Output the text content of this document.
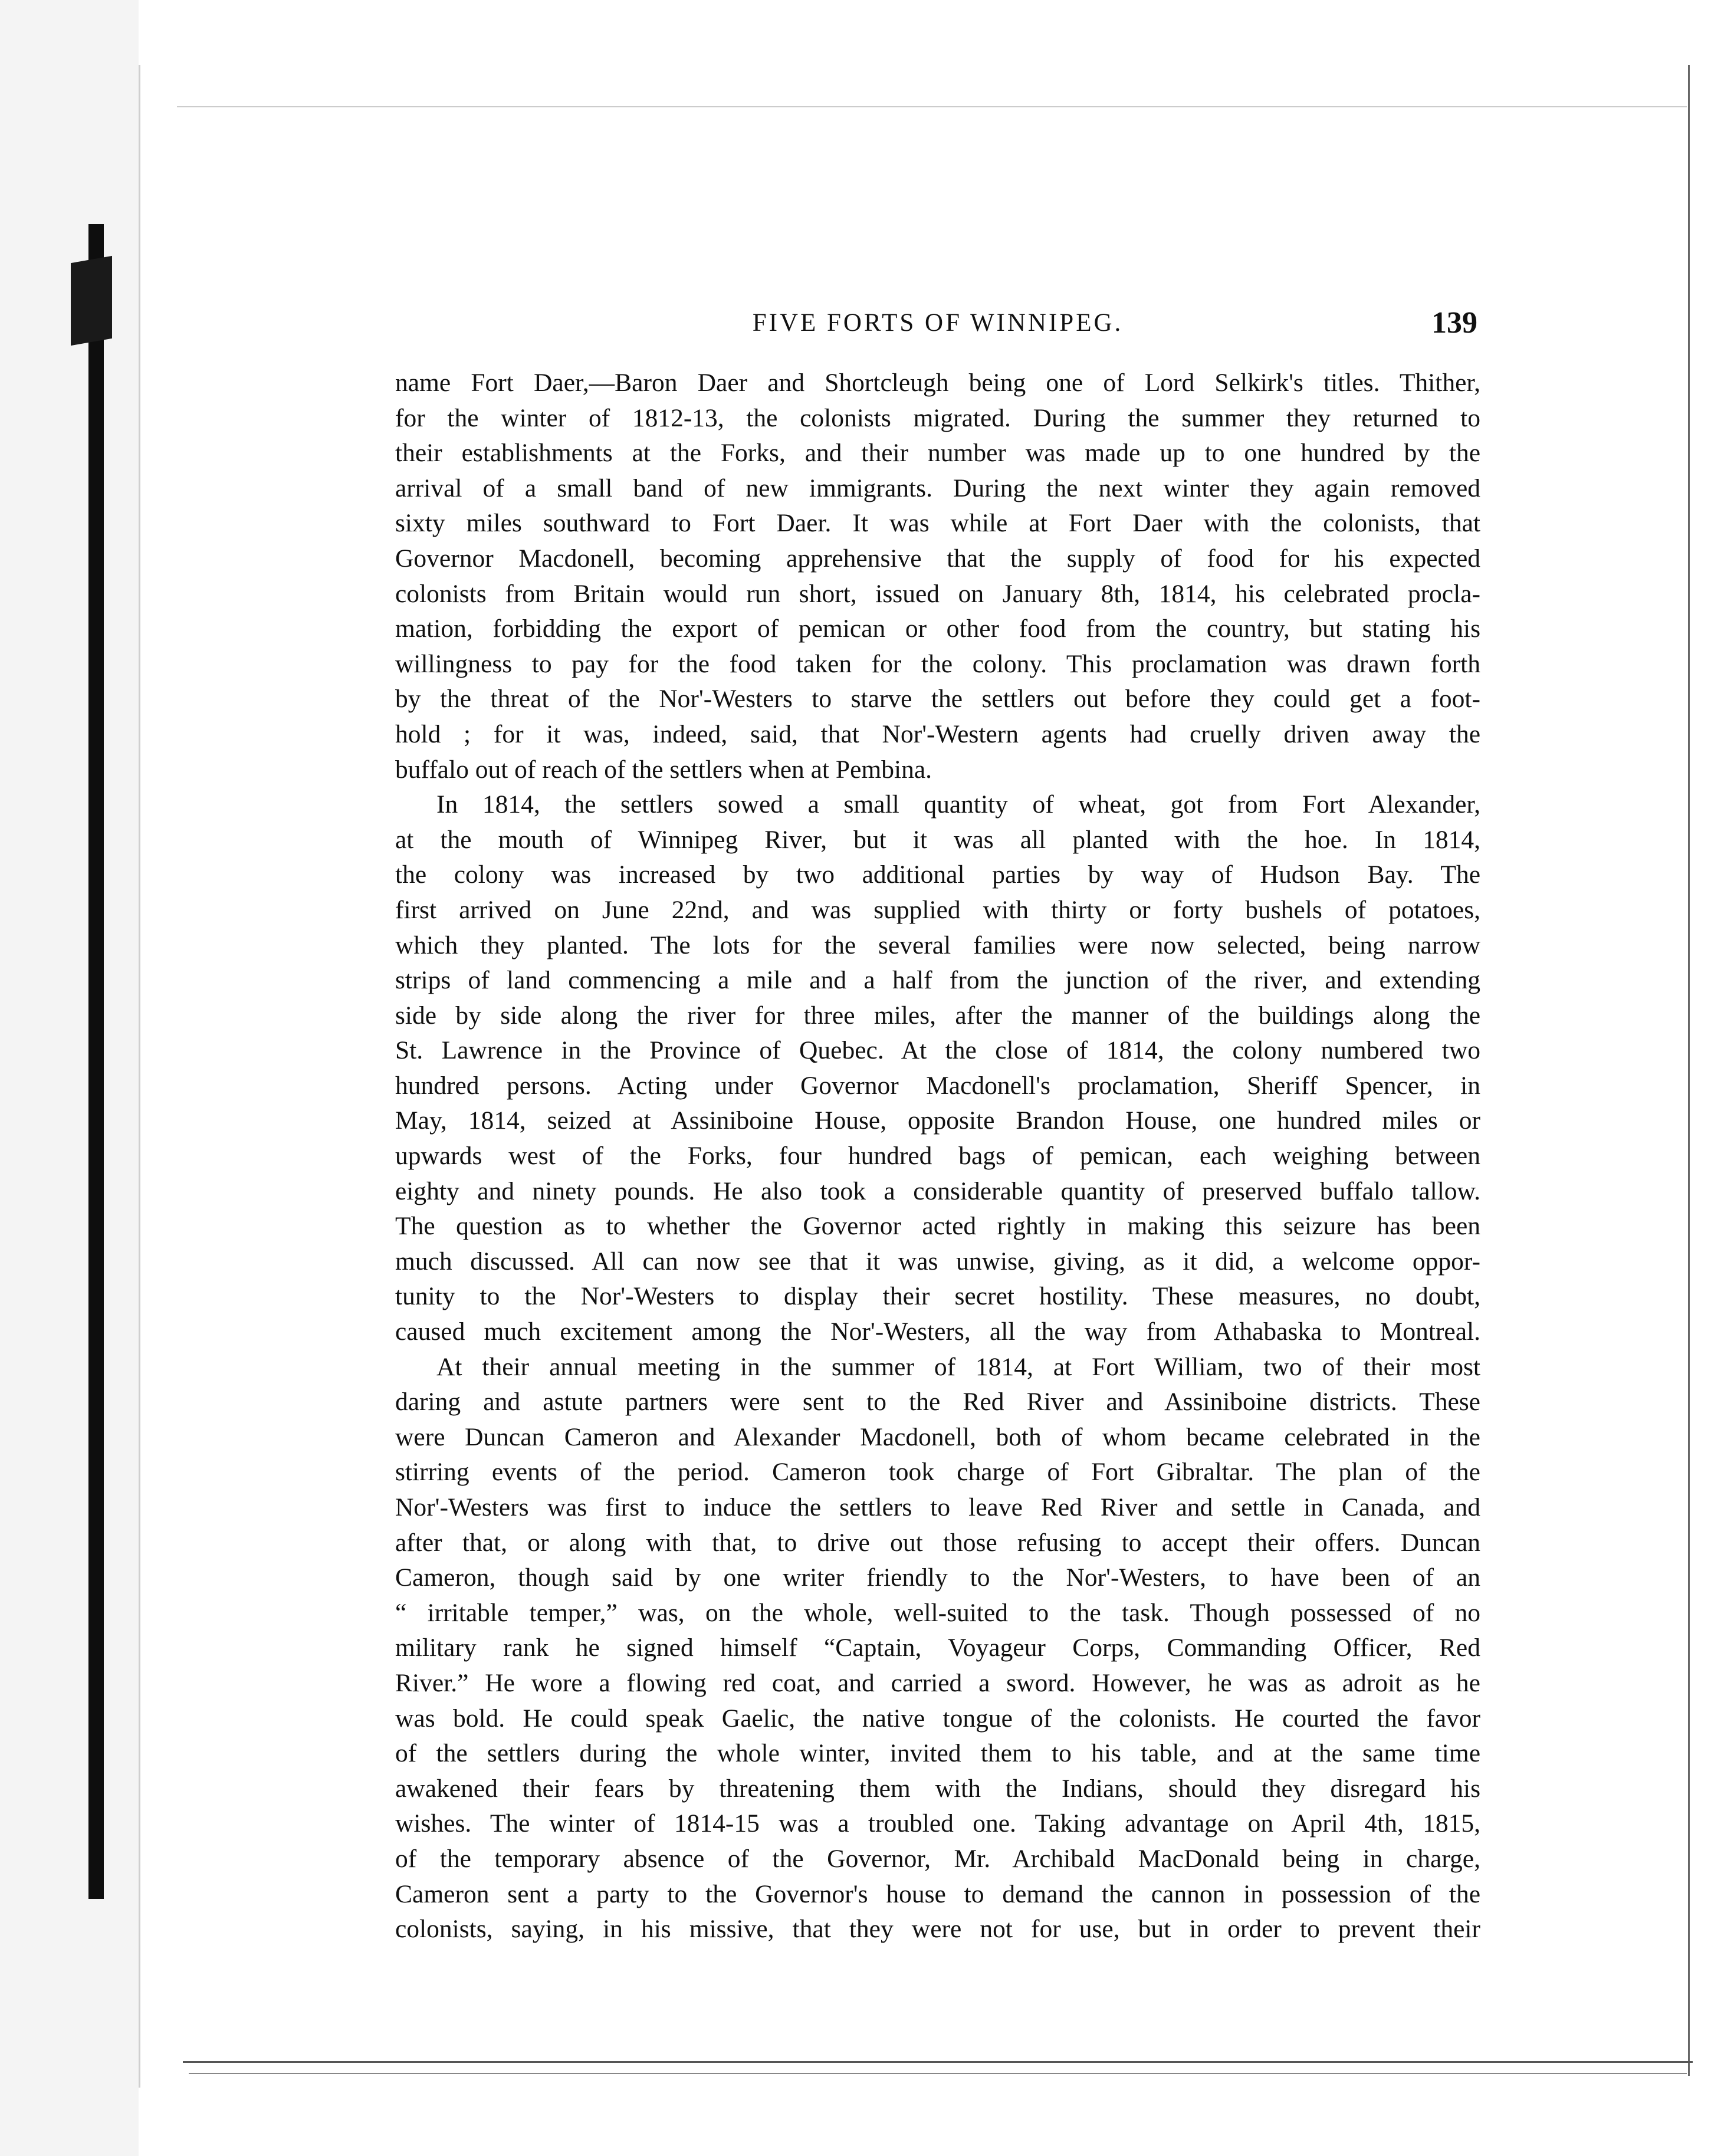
FIVE FORTS OF WINNIPEG.	139
name Fort Daer,—Baron Daer and Shortcleugh being one of Lord Selkirk's titles. Thither,
for the winter of 1812-13, the colonists migrated. During the summer they returned to
their establishments at the Forks, and their number was made up to one hundred by the
arrival of a small band of new immigrants. During the next winter they again removed
sixty miles southward to Fort Daer. It was while at Fort Daer with the colonists, that
Governor Macdonell, becoming apprehensive that the supply of food for his expected
colonists from Britain would run short, issued on January 8th, 1814, his celebrated procla-
mation, forbidding the export of pemican or other food from the country, but stating his
willingness to pay for the food taken for the colony. This proclamation was drawn forth
by the threat of the Nor'-Westers to starve the settlers out before they could get a foot-
hold ; for it was, indeed, said, that Nor'-Western agents had cruelly driven away the
buffalo out of reach of the settlers when at Pembina.
In 1814, the settlers sowed a small quantity of wheat, got from Fort Alexander,
at the mouth of Winnipeg River, but it was all planted with the hoe. In 1814,
the colony was increased by two additional parties by way of Hudson Bay. The
first arrived on June 22nd, and was supplied with thirty or forty bushels of potatoes,
which they planted. The lots for the several families were now selected, being narrow
strips of land commencing a mile and a half from the junction of the river, and extending
side by side along the river for three miles, after the manner of the buildings along the
St. Lawrence in the Province of Quebec. At the close of 1814, the colony numbered two
hundred persons. Acting under Governor Macdonell's proclamation, Sheriff Spencer, in
May, 1814, seized at Assiniboine House, opposite Brandon House, one hundred miles or
upwards west of the Forks, four hundred bags of pemican, each weighing between
eighty and ninety pounds. He also took a considerable quantity of preserved buffalo tallow.
The question as to whether the Governor acted rightly in making this seizure has been
much discussed. All can now see that it was unwise, giving, as it did, a welcome oppor-
tunity to the Nor'-Westers to display their secret hostility. These measures, no doubt,
caused much excitement among the Nor'-Westers, all the way from Athabaska to Montreal.
At their annual meeting in the summer of 1814, at Fort William, two of their most
daring and astute partners were sent to the Red River and Assiniboine districts. These
were Duncan Cameron and Alexander Macdonell, both of whom became celebrated in the
stirring events of the period. Cameron took charge of Fort Gibraltar. The plan of the
Nor'-Westers was first to induce the settlers to leave Red River and settle in Canada, and
after that, or along with that, to drive out those refusing to accept their offers. Duncan
Cameron, though said by one writer friendly to the Nor'-Westers, to have been of an
“ irritable temper,” was, on the whole, well-suited to the task. Though possessed of no
military rank he signed himself “Captain, Voyageur Corps, Commanding Officer, Red
River.” He wore a flowing red coat, and carried a sword. However, he was as adroit as he
was bold. He could speak Gaelic, the native tongue of the colonists. He courted the favor
of the settlers during the whole winter, invited them to his table, and at the same time
awakened their fears by threatening them with the Indians, should they disregard his
wishes. The winter of 1814-15 was a troubled one. Taking advantage on April 4th, 1815,
of the temporary absence of the Governor, Mr. Archibald MacDonald being in charge,
Cameron sent a party to the Governor's house to demand the cannon in possession of the
colonists, saying, in his missive, that they were not for use, but in order to prevent their
